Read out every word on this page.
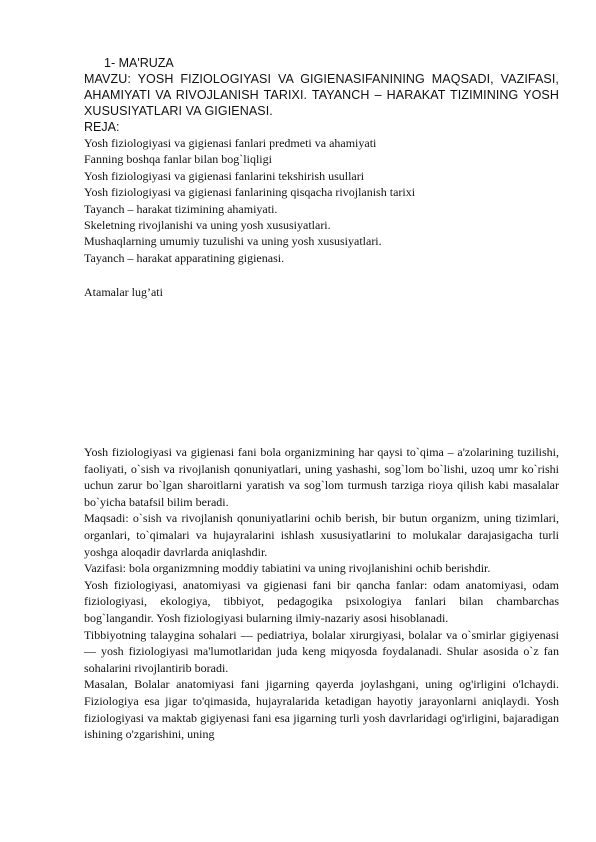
1- MA'RUZA

MAVZU: YOSH FIZIOLOGIYASI VA GIGIENASIFANINING MAQSADI, VAZIFASI, AHAMIYATI VA RIVOJLANISH TARIXI. TAYANCH – HARAKAT TIZIMINING YOSH XUSUSIYATLARI VA GIGIENASI.

REJA:

Yosh fiziologiyasi va gigienasi fanlari predmeti va ahamiyati
Fanning boshqa fanlar bilan bog`liqligi
Yosh fiziologiyasi va gigienasi fanlarini tekshirish usullari
Yosh fiziologiyasi va gigienasi fanlarining qisqacha rivojlanish tarixi
Tayanch – harakat tizimining ahamiyati.
Skeletning rivojlanishi va uning yosh xususiyatlari.
Mushaqlarning umumiy tuzulishi va uning yosh xususiyatlari.
Tayanch – harakat apparatining gigienasi.

Atamalar lug’ati

Yosh fiziologiyasi va gigienasi fani bola organizmining har qaysi to`qima – a'zolarining tuzilishi, faoliyati, o`sish va rivojlanish qonuniyatlari, uning yashashi, sog`lom bo`lishi, uzoq umr ko`rishi uchun zarur bo`lgan sharoitlarni yaratish va sog`lom turmush tarziga rioya qilish kabi masalalar bo`yicha batafsil bilim beradi.

Maqsadi: o`sish va rivojlanish qonuniyatlarini ochib berish, bir butun organizm, uning tizimlari, organlari, to`qimalari va hujayralarini ishlash xususiyatlarini to molukalar darajasigacha turli yoshga aloqadir davrlarda aniqlashdir.

Vazifasi: bola organizmning moddiy tabiatini va uning rivojlanishini ochib berishdir.

Yosh fiziologiyasi, anatomiyasi va gigienasi fani bir qancha fanlar: odam anatomiyasi, odam fiziologiyasi, ekologiya, tibbiyot, pedagogika psixologiya fanlari bilan chambarchas bog`langandir. Yosh fiziologiyasi bularning ilmiy-nazariy asosi hisoblanadi.

Tibbiyotning talaygina sohalari — pediatriya, bolalar xirurgiyasi, bolalar va o`smirlar gigiyenasi — yosh fiziologiyasi ma'lumotlaridan juda keng miqyosda foydalanadi. Shular asosida o`z fan sohalarini rivojlantirib boradi.

Masalan, Bolalar anatomiyasi fani jigarning qayerda joylashgani, uning og'irligini o'lchaydi. Fiziologiya esa jigar to'qimasida, hujayralarida ketadigan hayotiy jarayonlarni aniqlaydi. Yosh fiziologiyasi va maktab gigiyenasi fani esa jigarning turli yosh davrlaridagi og'irligini, bajaradigan ishining o'zgarishini, uning
